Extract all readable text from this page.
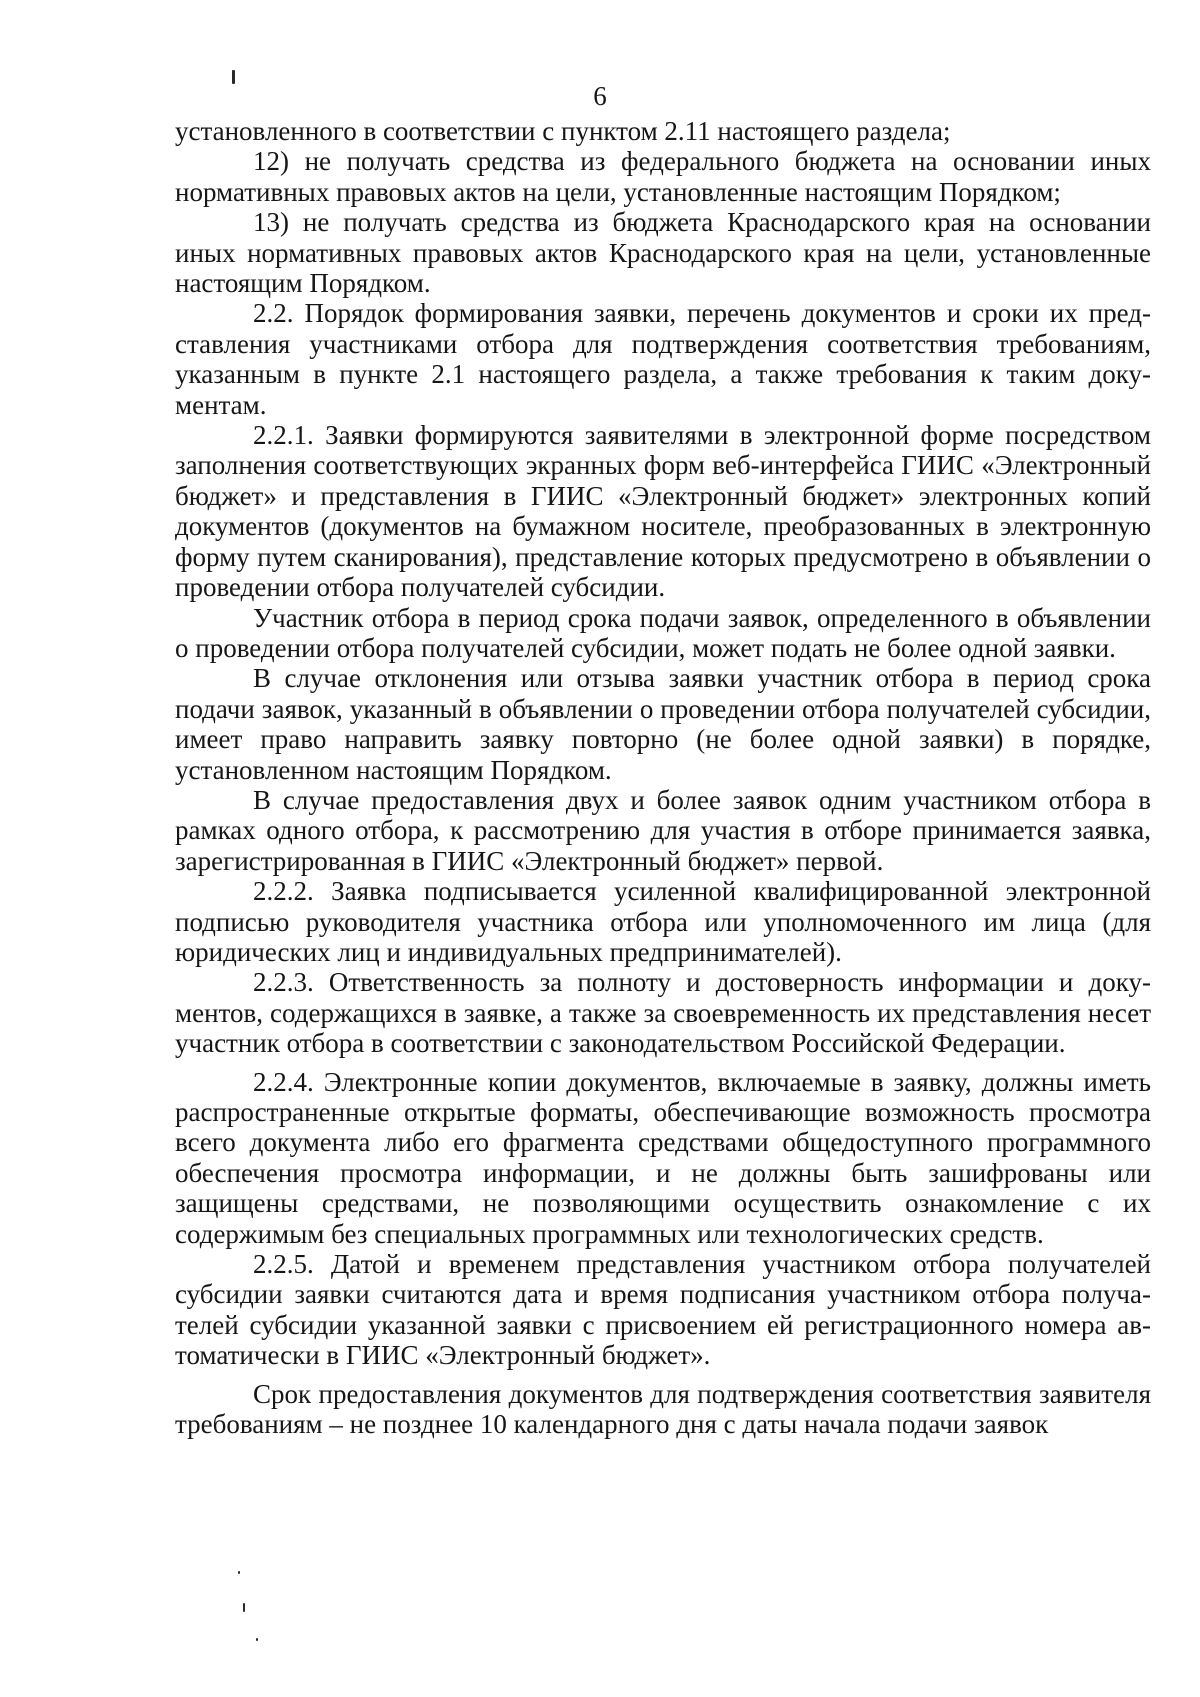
6

установленного в соответствии с пунктом 2.11 настоящего раздела;

12) не получать средства из федерального бюджета на основании иных нормативных правовых актов на цели, установленные настоящим Порядком;

13) не получать средства из бюджета Краснодарского края на основании иных нормативных правовых актов Краснодарского края на цели, установленные настоящим Порядком.

2.2. Порядок формирования заявки, перечень документов и сроки их представления участниками отбора для подтверждения соответствия требованиям, указанным в пункте 2.1 настоящего раздела, а также требования к таким документам.

2.2.1. Заявки формируются заявителями в электронной форме посредством заполнения соответствующих экранных форм веб-интерфейса ГИИС «Электронный бюджет» и представления в ГИИС «Электронный бюджет» электронных копий документов (документов на бумажном носителе, преобразованных в электронную форму путем сканирования), представление которых предусмотрено в объявлении о проведении отбора получателей субсидии.

Участник отбора в период срока подачи заявок, определенного в объявлении о проведении отбора получателей субсидии, может подать не более одной заявки.

В случае отклонения или отзыва заявки участник отбора в период срока подачи заявок, указанный в объявлении о проведении отбора получателей субсидии, имеет право направить заявку повторно (не более одной заявки) в порядке, установленном настоящим Порядком.

В случае предоставления двух и более заявок одним участником отбора в рамках одного отбора, к рассмотрению для участия в отборе принимается заявка, зарегистрированная в ГИИС «Электронный бюджет» первой.

2.2.2. Заявка подписывается усиленной квалифицированной электронной подписью руководителя участника отбора или уполномоченного им лица (для юридических лиц и индивидуальных предпринимателей).

2.2.3. Ответственность за полноту и достоверность информации и документов, содержащихся в заявке, а также за своевременность их представления несет участник отбора в соответствии с законодательством Российской Федерации.

2.2.4. Электронные копии документов, включаемые в заявку, должны иметь распространенные открытые форматы, обеспечивающие возможность просмотра всего документа либо его фрагмента средствами общедоступного программного обеспечения просмотра информации, и не должны быть зашифрованы или защищены средствами, не позволяющими осуществить ознакомление с их содержимым без специальных программных или технологических средств.

2.2.5. Датой и временем представления участником отбора получателей субсидии заявки считаются дата и время подписания участником отбора получателей субсидии указанной заявки с присвоением ей регистрационного номера автоматически в ГИИС «Электронный бюджет».

Срок предоставления документов для подтверждения соответствия заявителя требованиям – не позднее 10 календарного дня с даты начала подачи заявок
